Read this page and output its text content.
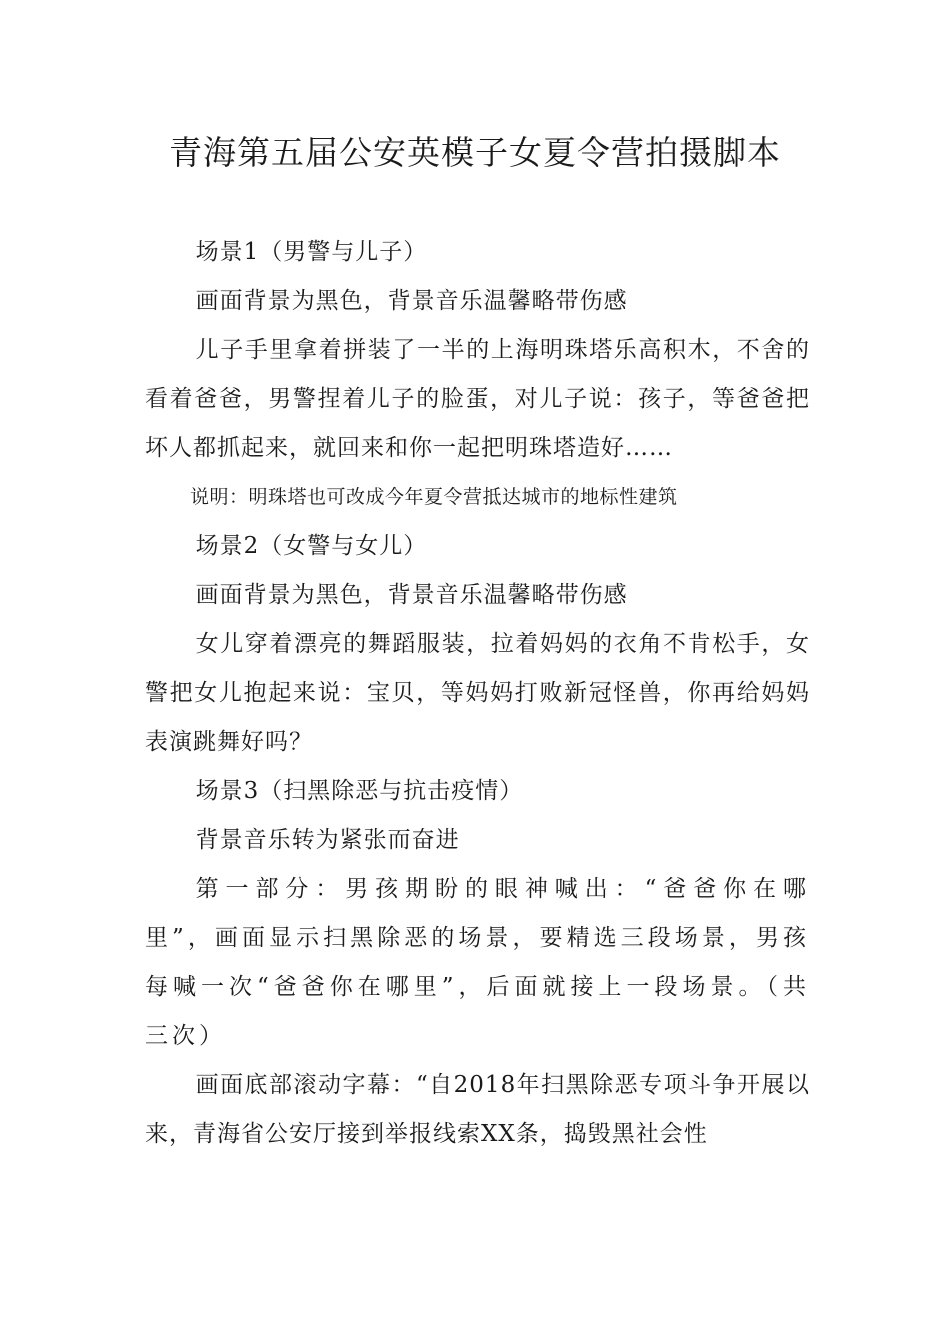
青海第五届公安英模子女夏令营拍摄脚本

场景1（男警与儿子）

画面背景为黑色，背景音乐温馨略带伤感

儿子手里拿着拼装了一半的上海明珠塔乐高积木，不舍的看着爸爸，男警捏着儿子的脸蛋，对儿子说：孩子，等爸爸把坏人都抓起来，就回来和你一起把明珠塔造好……

说明：明珠塔也可改成今年夏令营抵达城市的地标性建筑

场景2（女警与女儿）

画面背景为黑色，背景音乐温馨略带伤感

女儿穿着漂亮的舞蹈服装，拉着妈妈的衣角不肯松手，女警把女儿抱起来说：宝贝，等妈妈打败新冠怪兽，你再给妈妈表演跳舞好吗？

场景3（扫黑除恶与抗击疫情）

背景音乐转为紧张而奋进

第一部分：男孩期盼的眼神喊出：“爸爸你在哪里”，画面显示扫黑除恶的场景，要精选三段场景，男孩每喊一次“爸爸你在哪里”，后面就接上一段场景。（共三次）

画面底部滚动字幕：“自2018年扫黑除恶专项斗争开展以来，青海省公安厅接到举报线索XX条，捣毁黑社会性
